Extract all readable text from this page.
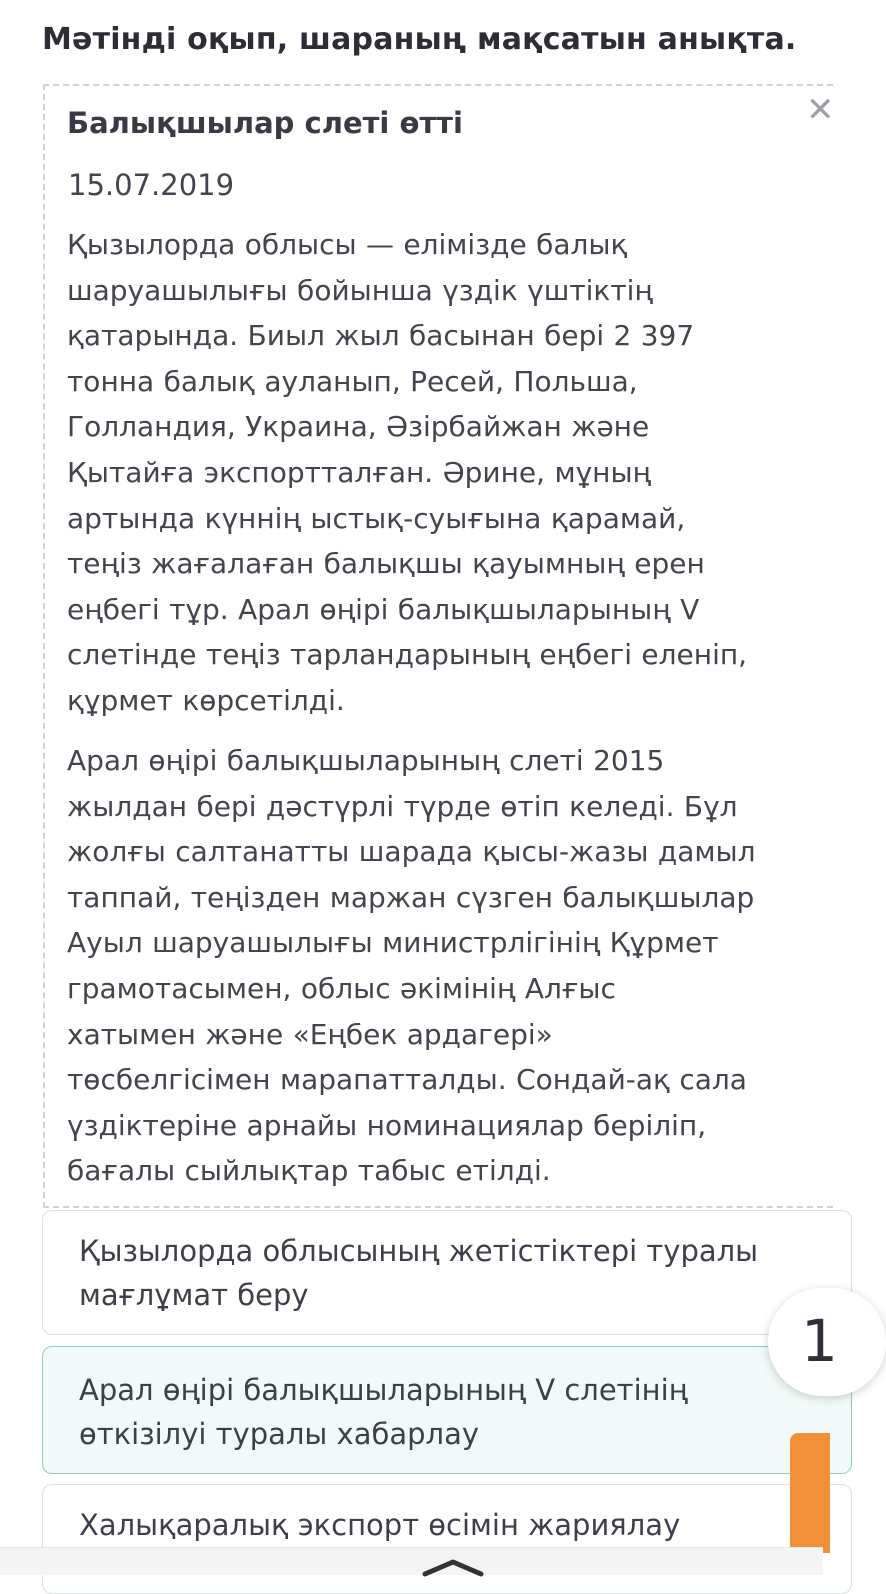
Мәтінді оқып, шараның мақсатын анықта.
✕
Балықшылар слеті өтті
15.07.2019
Қызылорда облысы — елімізде балық
шаруашылығы бойынша үздік үштіктің
қатарында. Биыл жыл басынан бері 2 397
тонна балық ауланып, Ресей, Польша,
Голландия, Украина, Әзірбайжан және
Қытайға экспортталған. Әрине, мұның
артында күннің ыстық-суығына қарамай,
теңіз жағалаған балықшы қауымның ерен
еңбегі тұр. Арал өңірі балықшыларының V
слетінде теңіз тарландарының еңбегі еленіп,
құрмет көрсетілді.
Арал өңірі балықшыларының слеті 2015
жылдан бері дәстүрлі түрде өтіп келеді. Бұл
жолғы салтанатты шарада қысы-жазы дамыл
таппай, теңізден маржан сүзген балықшылар
Ауыл шаруашылығы министрлігінің Құрмет
грамотасымен, облыс әкімінің Алғыс
хатымен және «Еңбек ардагері»
төсбелгісімен марапатталды. Сондай-ақ сала
үздіктеріне арнайы номинациялар беріліп,
бағалы сыйлықтар табыс етілді.
Қызылорда облысының жетістіктері туралы
мағлұмат беру
Арал өңірі балықшыларының V слетінің
өткізілуі туралы хабарлау
Халықаралық экспорт өсімін жариялау
1
